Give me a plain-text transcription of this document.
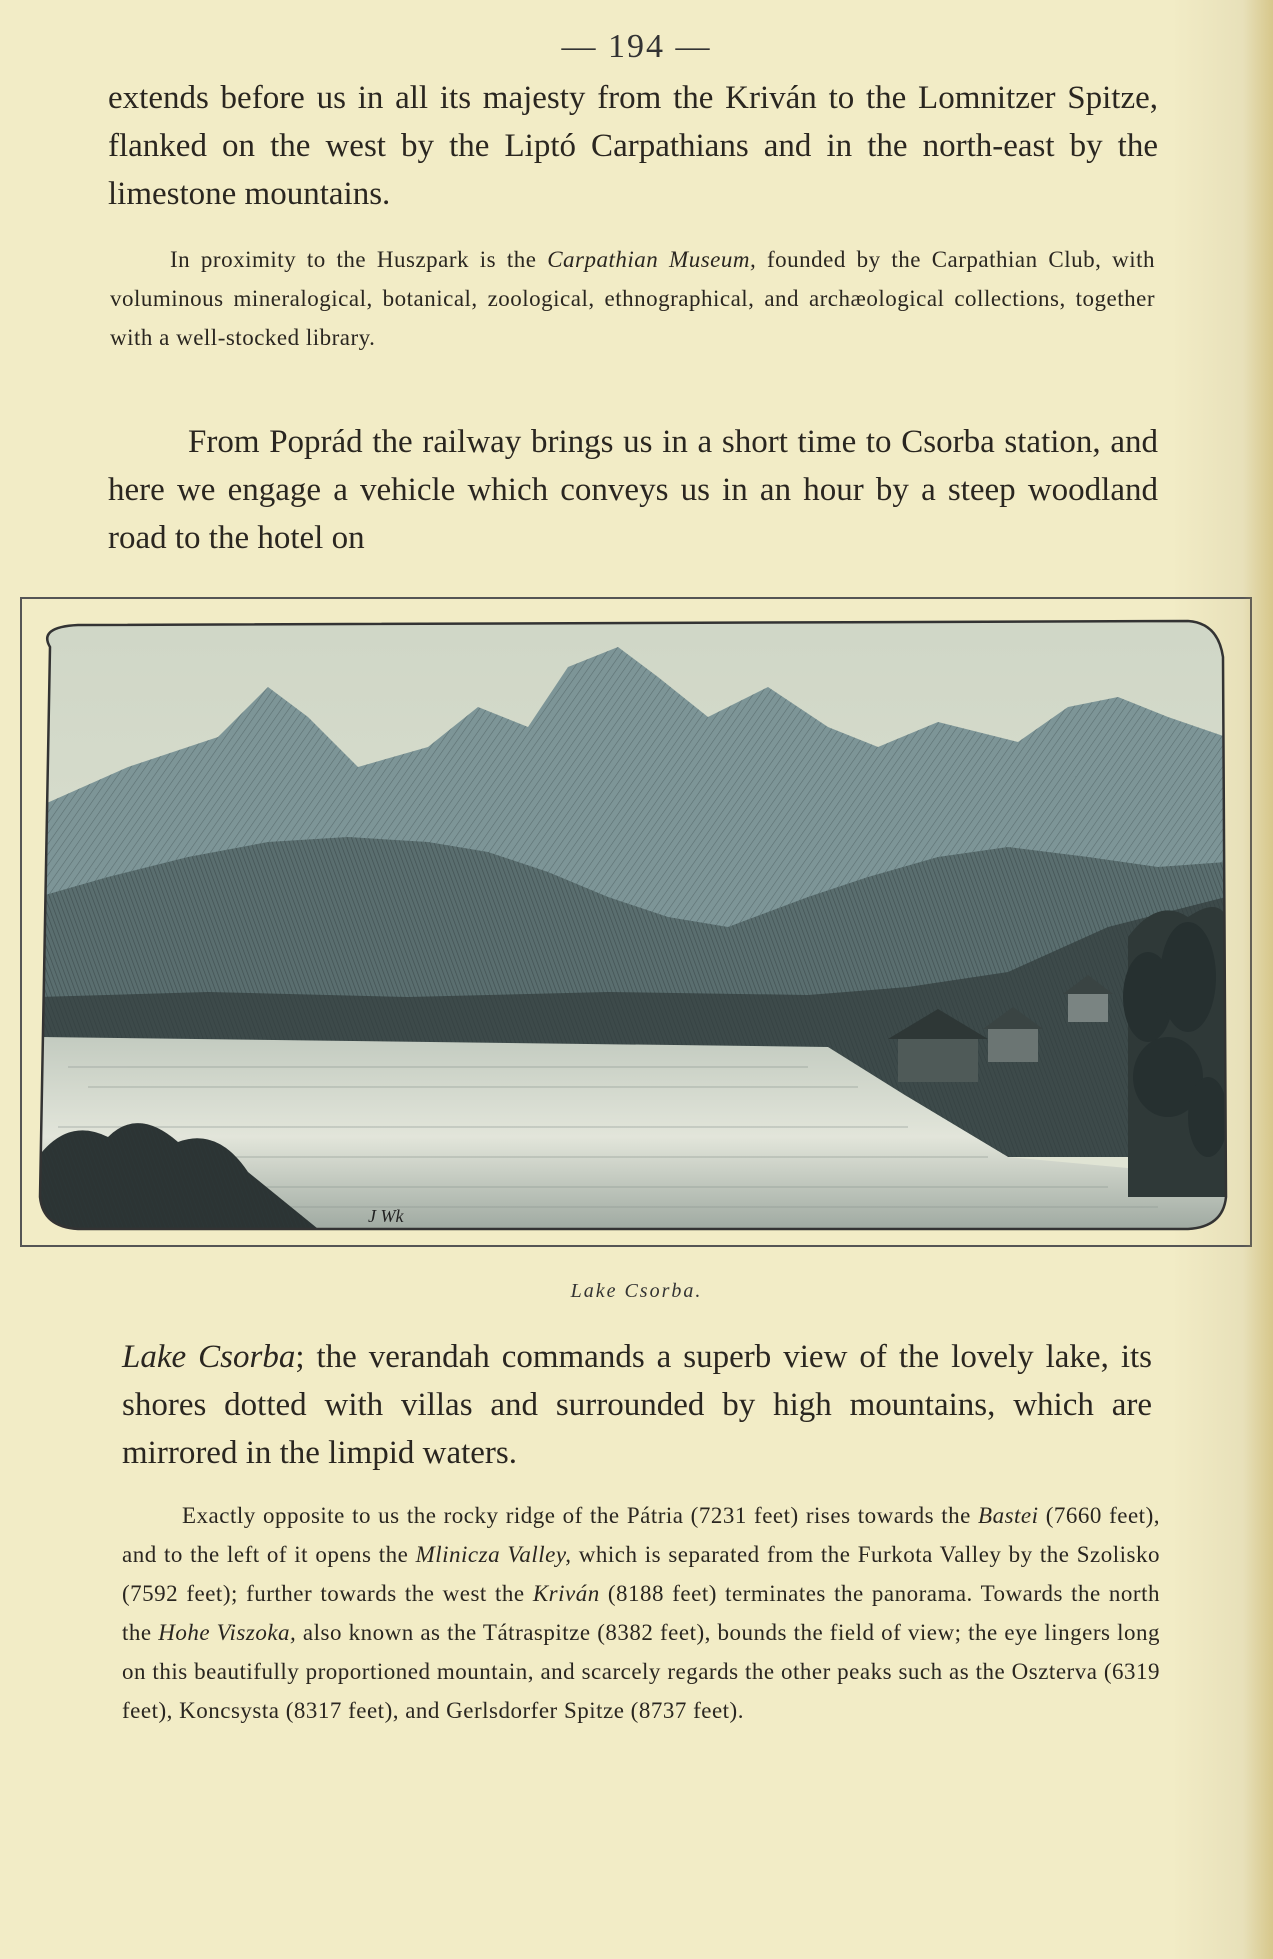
— 194 —

extends before us in all its majesty from the Kriván to the Lomnitzer Spitze, flanked on the west by the Liptó Carpathians and in the north-east by the limestone mountains.

In proximity to the Huszpark is the Carpathian Museum, founded by the Carpathian Club, with voluminous mineralogical, botanical, zoological, ethnographical, and archæological collections, together with a well-stocked library.

From Poprád the railway brings us in a short time to Csorba station, and here we engage a vehicle which conveys us in an hour by a steep woodland road to the hotel on

J Wk
Lake Csorba.

Lake Csorba; the verandah commands a superb view of the lovely lake, its shores dotted with villas and surrounded by high mountains, which are mirrored in the limpid waters.

Exactly opposite to us the rocky ridge of the Pátria (7231 feet) rises towards the Bastei (7660 feet), and to the left of it opens the Mlinicza Valley, which is separated from the Furkota Valley by the Szolisko (7592 feet); further towards the west the Kriván (8188 feet) terminates the panorama. Towards the north the Hohe Viszoka, also known as the Tátraspitze (8382 feet), bounds the field of view; the eye lingers long on this beautifully proportioned mountain, and scarcely regards the other peaks such as the Oszterva (6319 feet), Koncsysta (8317 feet), and Gerlsdorfer Spitze (8737 feet).
